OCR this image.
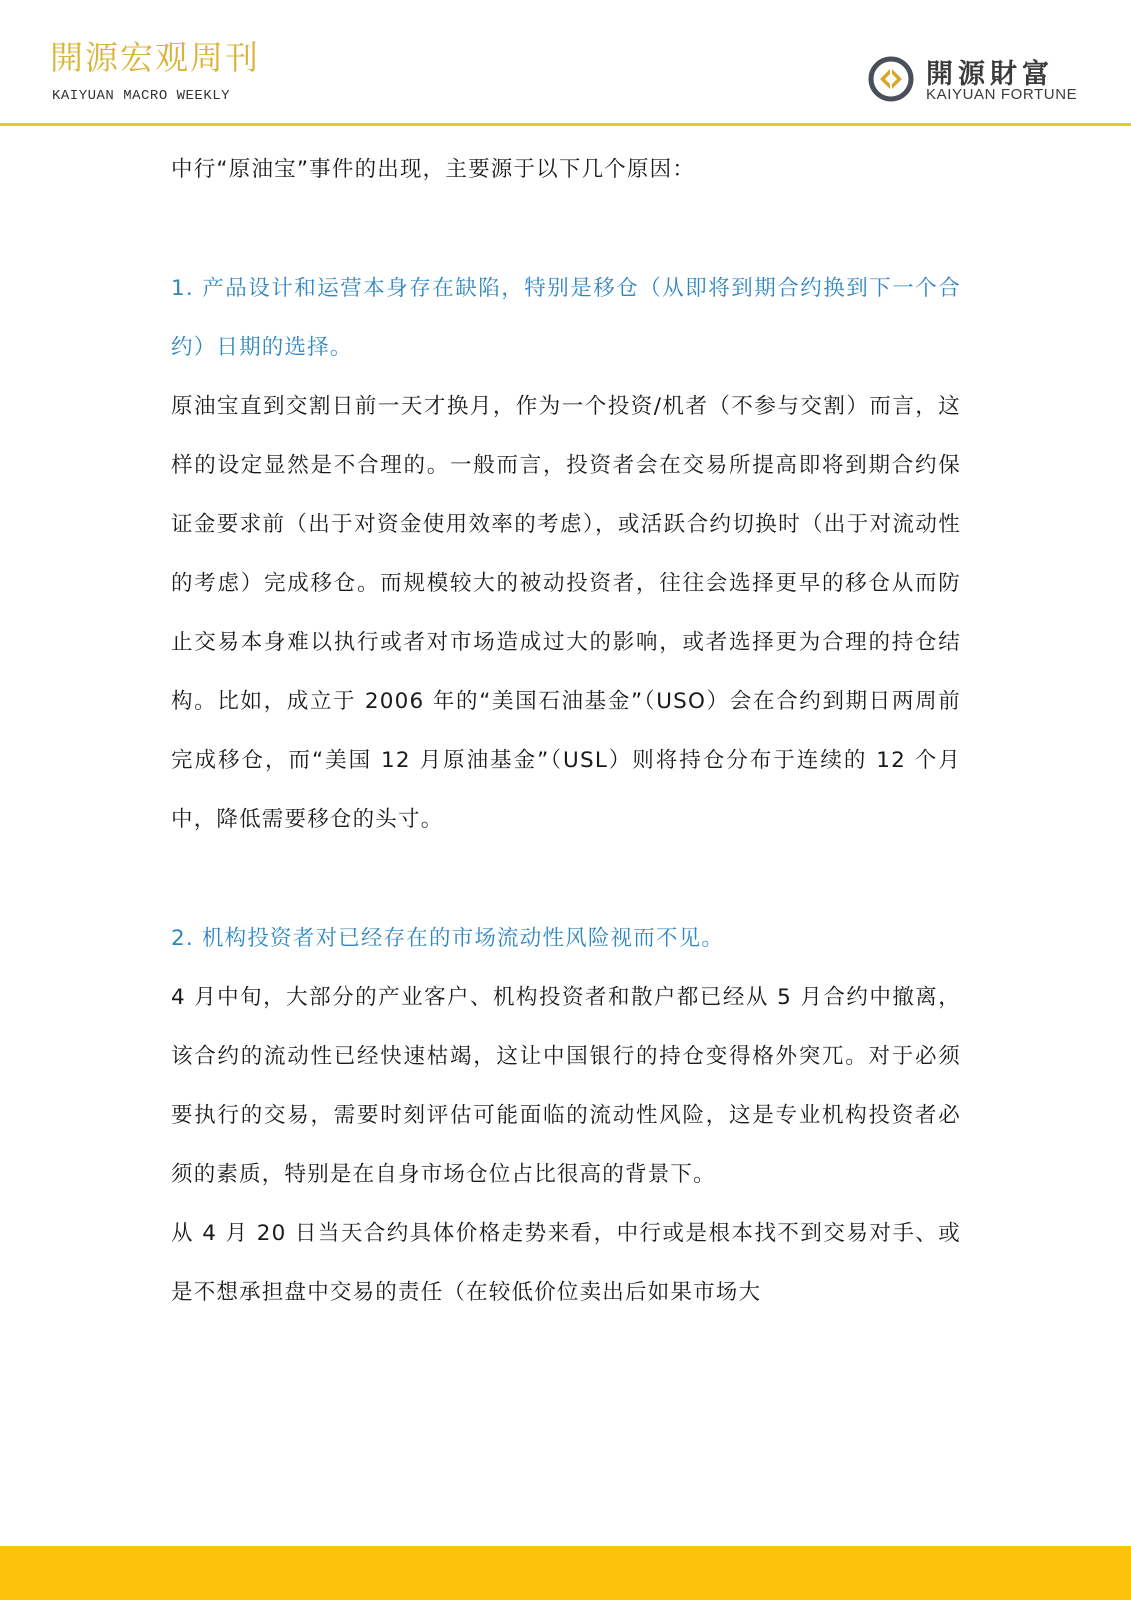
開源宏观周刊
KAIYUAN MACRO WEEKLY
開源財富
KAIYUAN FORTUNE

中行“原油宝”事件的出现，主要源于以下几个原因：

1. 产品设计和运营本身存在缺陷，特别是移仓（从即将到期合约换到下一个合约）日期的选择。

原油宝直到交割日前一天才换月，作为一个投资/机者（不参与交割）而言，这样的设定显然是不合理的。一般而言，投资者会在交易所提高即将到期合约保证金要求前（出于对资金使用效率的考虑），或活跃合约切换时（出于对流动性的考虑）完成移仓。而规模较大的被动投资者，往往会选择更早的移仓从而防止交易本身难以执行或者对市场造成过大的影响，或者选择更为合理的持仓结构。比如，成立于 2006 年的“美国石油基金”（USO）会在合约到期日两周前完成移仓，而“美国 12 月原油基金”（USL）则将持仓分布于连续的 12 个月中，降低需要移仓的头寸。

2. 机构投资者对已经存在的市场流动性风险视而不见。

4 月中旬，大部分的产业客户、机构投资者和散户都已经从 5 月合约中撤离，该合约的流动性已经快速枯竭，这让中国银行的持仓变得格外突兀。对于必须要执行的交易，需要时刻评估可能面临的流动性风险，这是专业机构投资者必须的素质，特别是在自身市场仓位占比很高的背景下。

从 4 月 20 日当天合约具体价格走势来看，中行或是根本找不到交易对手、或是不想承担盘中交易的责任（在较低价位卖出后如果市场大
